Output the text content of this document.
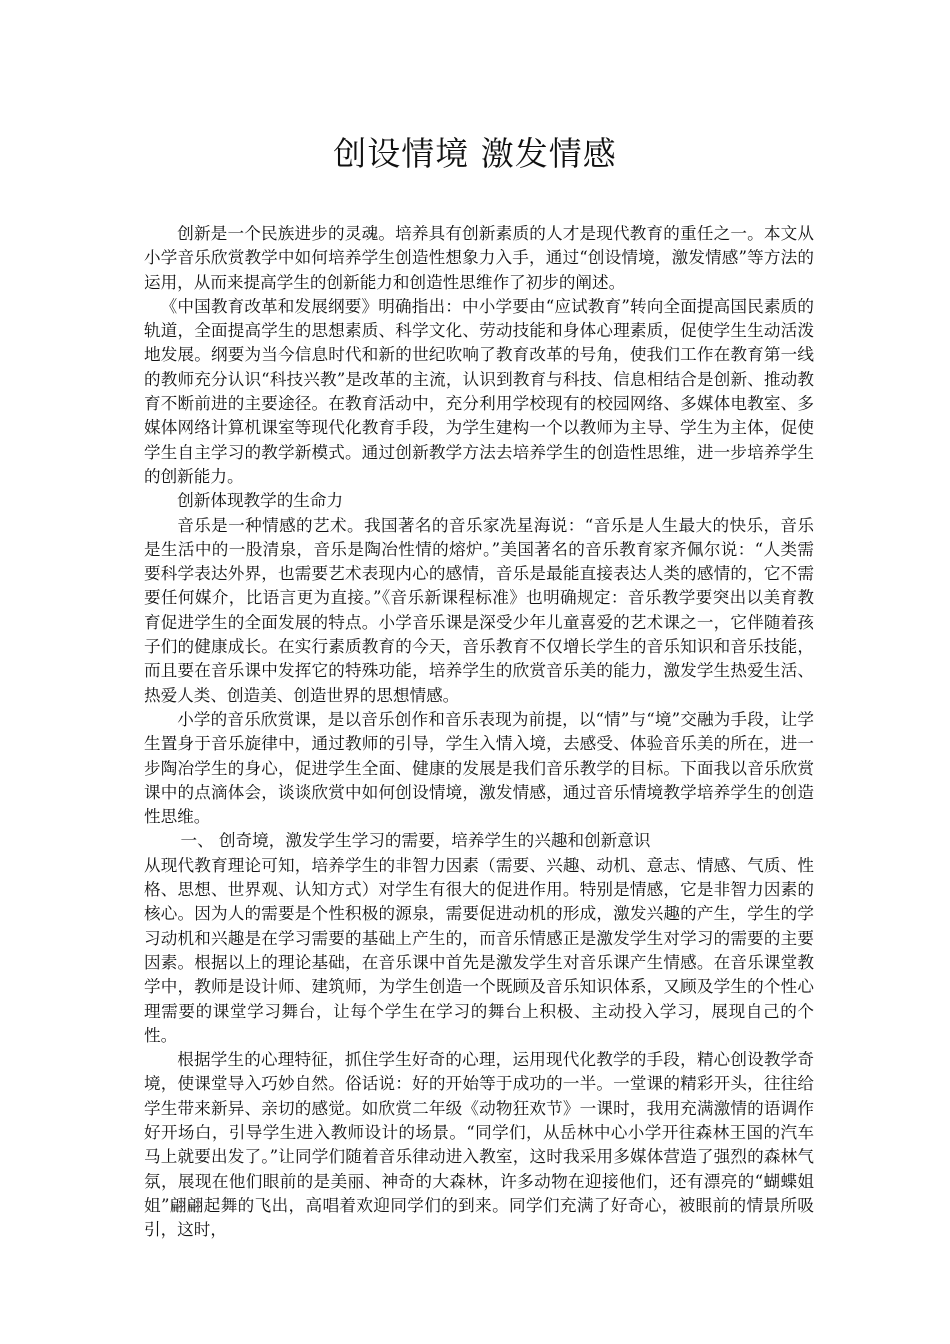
创设情境 激发情感

创新是一个民族进步的灵魂。培养具有创新素质的人才是现代教育的重任之一。本文从小学音乐欣赏教学中如何培养学生创造性想象力入手，通过“创设情境，激发情感”等方法的运用，从而来提高学生的创新能力和创造性思维作了初步的阐述。

《中国教育改革和发展纲要》明确指出：中小学要由“应试教育”转向全面提高国民素质的轨道，全面提高学生的思想素质、科学文化、劳动技能和身体心理素质，促使学生生动活泼地发展。纲要为当今信息时代和新的世纪吹响了教育改革的号角，使我们工作在教育第一线的教师充分认识“科技兴教”是改革的主流，认识到教育与科技、信息相结合是创新、推动教育不断前进的主要途径。在教育活动中，充分利用学校现有的校园网络、多媒体电教室、多媒体网络计算机课室等现代化教育手段，为学生建构一个以教师为主导、学生为主体，促使学生自主学习的教学新模式。通过创新教学方法去培养学生的创造性思维，进一步培养学生的创新能力。

创新体现教学的生命力

音乐是一种情感的艺术。我国著名的音乐家冼星海说：“音乐是人生最大的快乐，音乐是生活中的一股清泉，音乐是陶冶性情的熔炉。”美国著名的音乐教育家齐佩尔说：“人类需要科学表达外界，也需要艺术表现内心的感情，音乐是最能直接表达人类的感情的，它不需要任何媒介，比语言更为直接。”《音乐新课程标准》也明确规定：音乐教学要突出以美育教育促进学生的全面发展的特点。小学音乐课是深受少年儿童喜爱的艺术课之一，它伴随着孩子们的健康成长。在实行素质教育的今天，音乐教育不仅增长学生的音乐知识和音乐技能，而且要在音乐课中发挥它的特殊功能，培养学生的欣赏音乐美的能力，激发学生热爱生活、热爱人类、创造美、创造世界的思想情感。

小学的音乐欣赏课，是以音乐创作和音乐表现为前提，以“情”与“境”交融为手段，让学生置身于音乐旋律中，通过教师的引导，学生入情入境，去感受、体验音乐美的所在，进一步陶冶学生的身心，促进学生全面、健康的发展是我们音乐教学的目标。下面我以音乐欣赏课中的点滴体会，谈谈欣赏中如何创设情境，激发情感，通过音乐情境教学培养学生的创造性思维。

一、 创奇境，激发学生学习的需要，培养学生的兴趣和创新意识

从现代教育理论可知，培养学生的非智力因素（需要、兴趣、动机、意志、情感、气质、性格、思想、世界观、认知方式）对学生有很大的促进作用。特别是情感，它是非智力因素的核心。因为人的需要是个性积极的源泉，需要促进动机的形成，激发兴趣的产生，学生的学习动机和兴趣是在学习需要的基础上产生的，而音乐情感正是激发学生对学习的需要的主要因素。根据以上的理论基础，在音乐课中首先是激发学生对音乐课产生情感。在音乐课堂教学中，教师是设计师、建筑师，为学生创造一个既顾及音乐知识体系，又顾及学生的个性心理需要的课堂学习舞台，让每个学生在学习的舞台上积极、主动投入学习，展现自己的个性。

根据学生的心理特征，抓住学生好奇的心理，运用现代化教学的手段，精心创设教学奇境，使课堂导入巧妙自然。俗话说：好的开始等于成功的一半。一堂课的精彩开头，往往给学生带来新异、亲切的感觉。如欣赏二年级《动物狂欢节》一课时，我用充满激情的语调作好开场白，引导学生进入教师设计的场景。“同学们，从岳林中心小学开往森林王国的汽车马上就要出发了。”让同学们随着音乐律动进入教室，这时我采用多媒体营造了强烈的森林气氛，展现在他们眼前的是美丽、神奇的大森林，许多动物在迎接他们，还有漂亮的“蝴蝶姐姐”翩翩起舞的飞出，高唱着欢迎同学们的到来。同学们充满了好奇心，被眼前的情景所吸引，这时，
